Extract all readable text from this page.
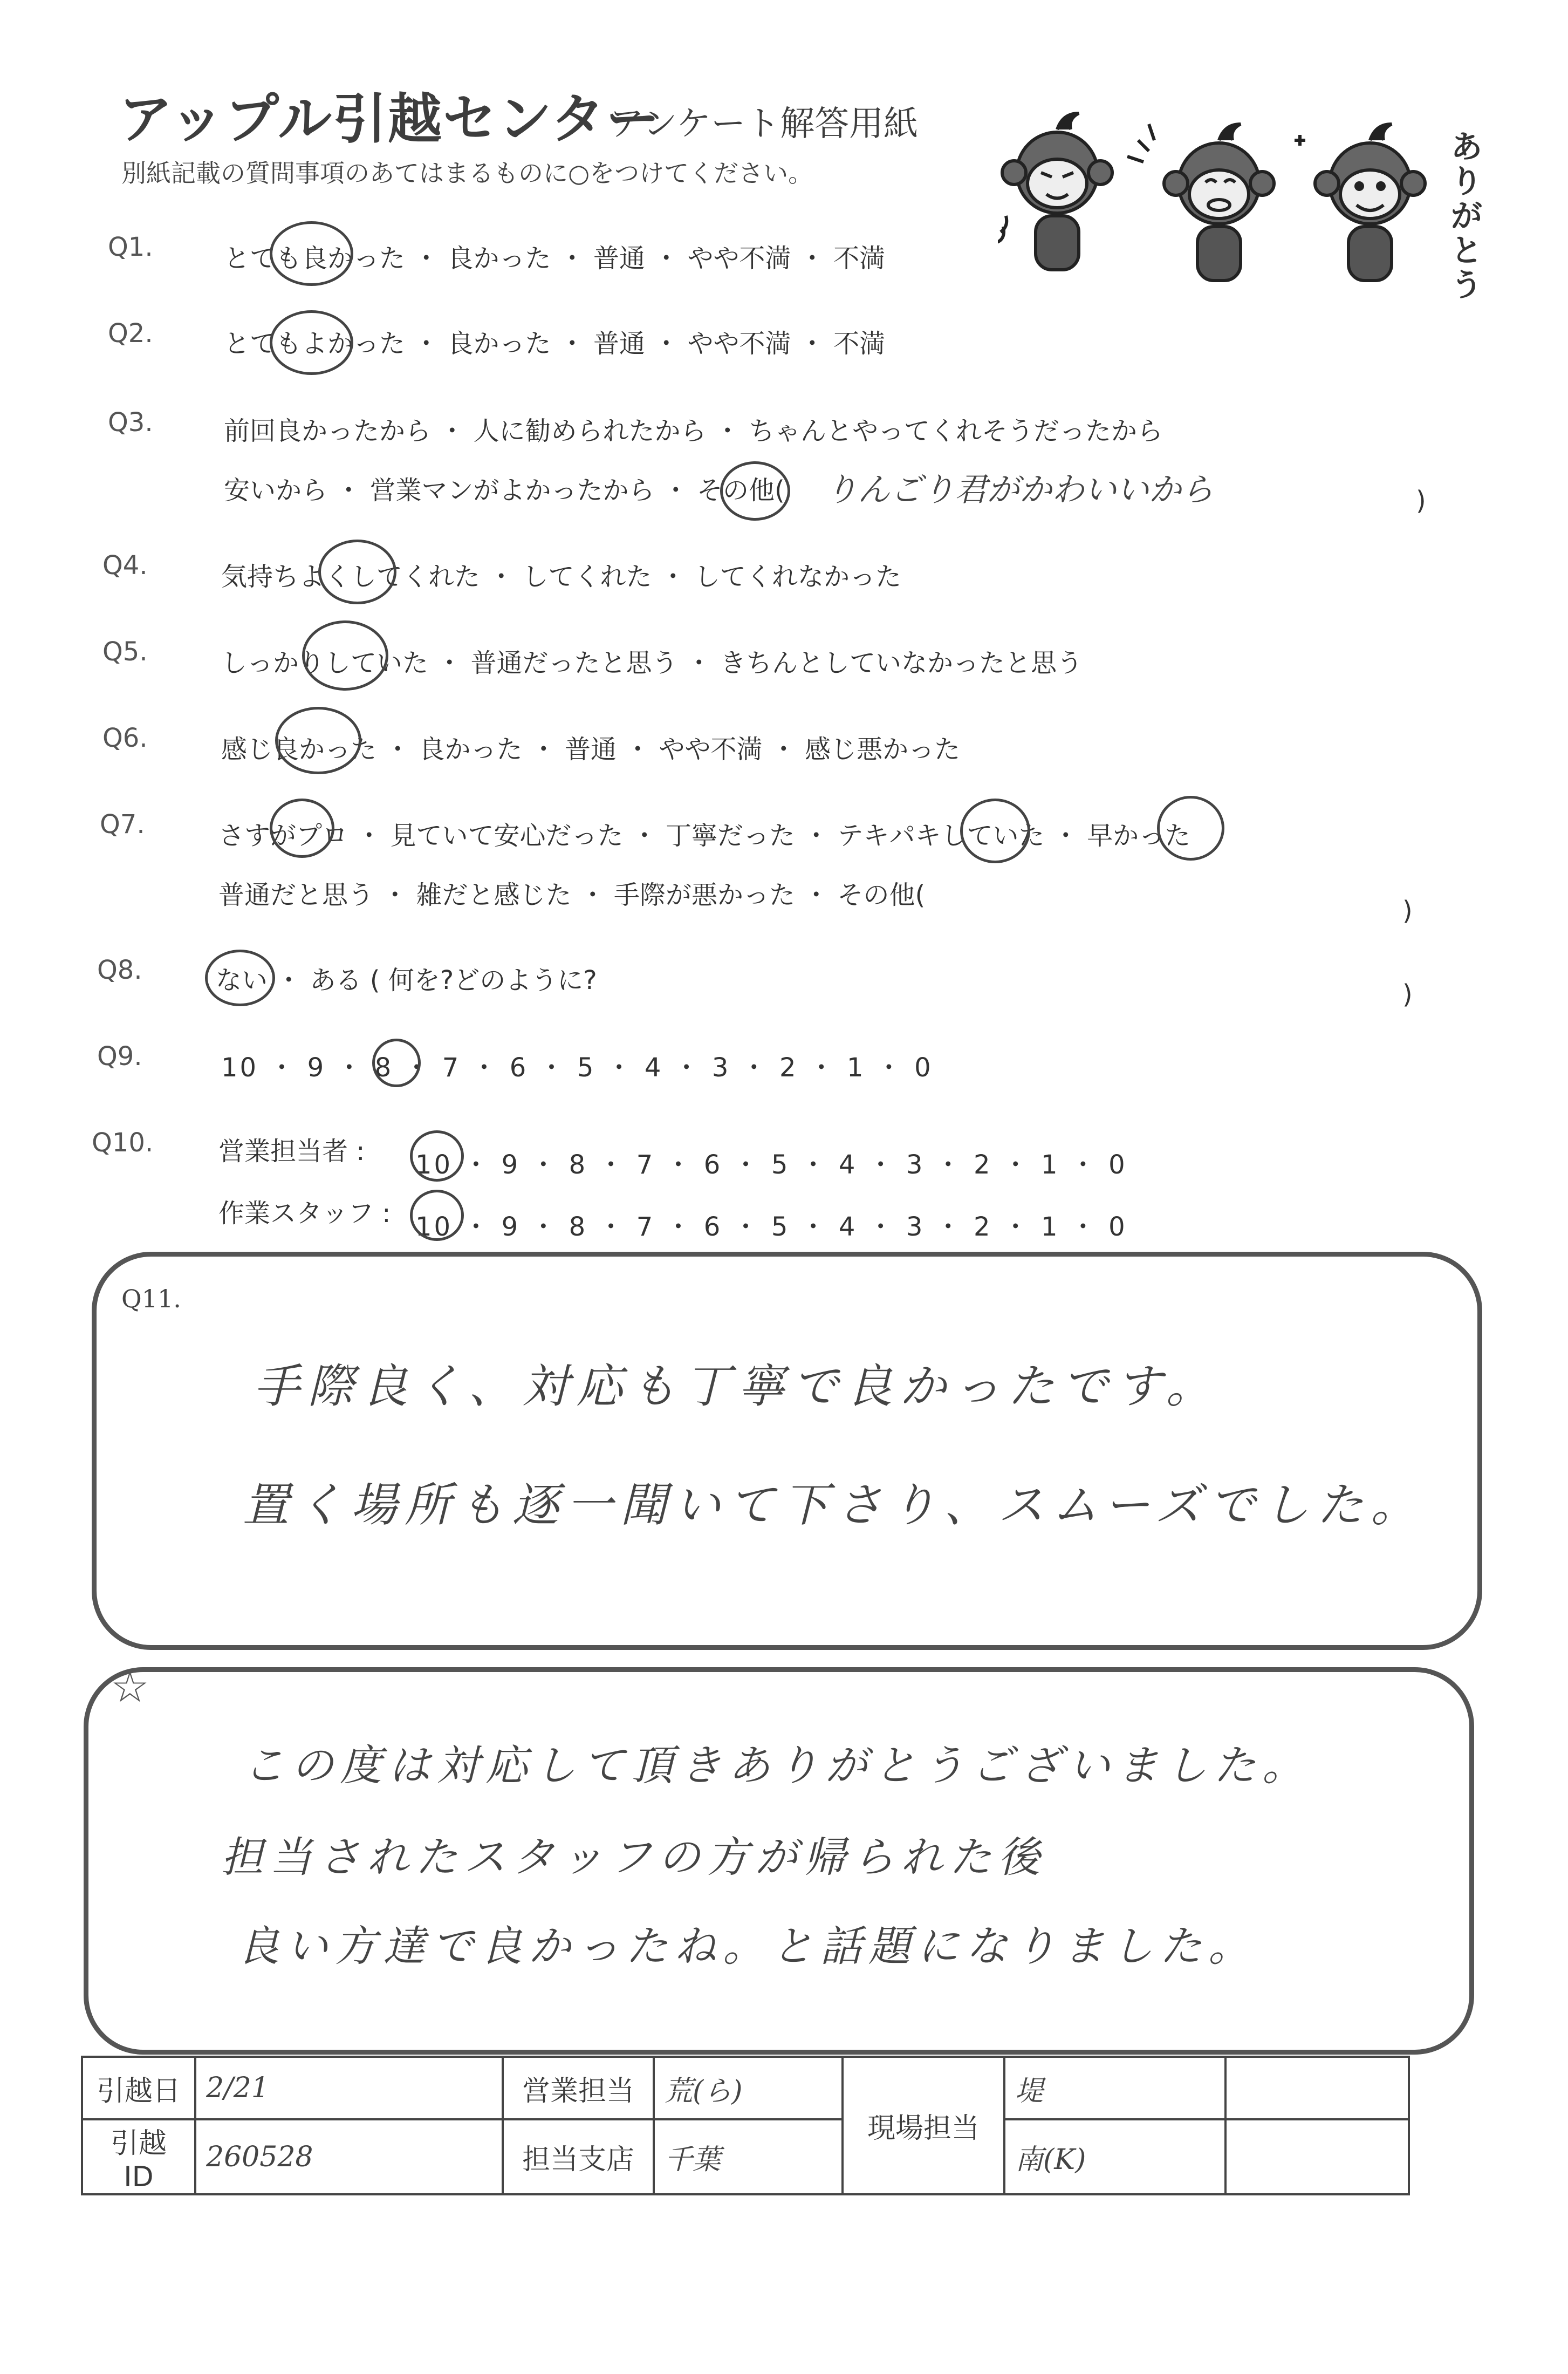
アップル引越センター
アンケート解答用紙
別紙記載の質問事項のあてはまるものに○をつけてください。
ありがとう
Q1.	とても良かった ・ 良かった ・ 普通 ・ やや不満 ・ 不満
Q2.	とてもよかった ・ 良かった ・ 普通 ・ やや不満 ・ 不満
Q3.	前回良かったから ・ 人に勧められたから ・ ちゃんとやってくれそうだったから
安いから ・ 営業マンがよかったから ・ その他( りんごり君がかわいいから	)
Q4.	気持ちよくしてくれた ・ してくれた ・ してくれなかった
Q5.	しっかりしていた ・ 普通だったと思う ・ きちんとしていなかったと思う
Q6.	感じ良かった ・ 良かった ・ 普通 ・ やや不満 ・ 感じ悪かった
Q7.	さすがプロ ・ 見ていて安心だった ・ 丁寧だった ・ テキパキしていた ・ 早かった
普通だと思う ・ 雑だと感じた ・ 手際が悪かった ・ その他(
)
Q8.	ない ・ ある ( 何を?どのように?	)
Q9.	10 ・ 9 ・ 8 ・ 7 ・ 6 ・ 5 ・ 4 ・ 3 ・ 2 ・ 1 ・ 0
Q10.	営業担当者 : 10 ・ 9 ・ 8 ・ 7 ・ 6 ・ 5 ・ 4 ・ 3 ・ 2 ・ 1 ・ 0
作業スタッフ : 10 ・ 9 ・ 8 ・ 7 ・ 6 ・ 5 ・ 4 ・ 3 ・ 2 ・ 1 ・ 0
Q11.
手際良く、対応も丁寧で良かったです。
置く場所も逐一聞いて下さり、スムーズでした。
☆
この度は対応して頂きありがとうございました。
担当されたスタッフの方が帰られた後
良い方達で良かったね。と話題になりました。
引越日	2/21	営業担当	荒(ら)	現場担当	堤	
引越 ID	260528	担当支店	千葉		南(K)	
